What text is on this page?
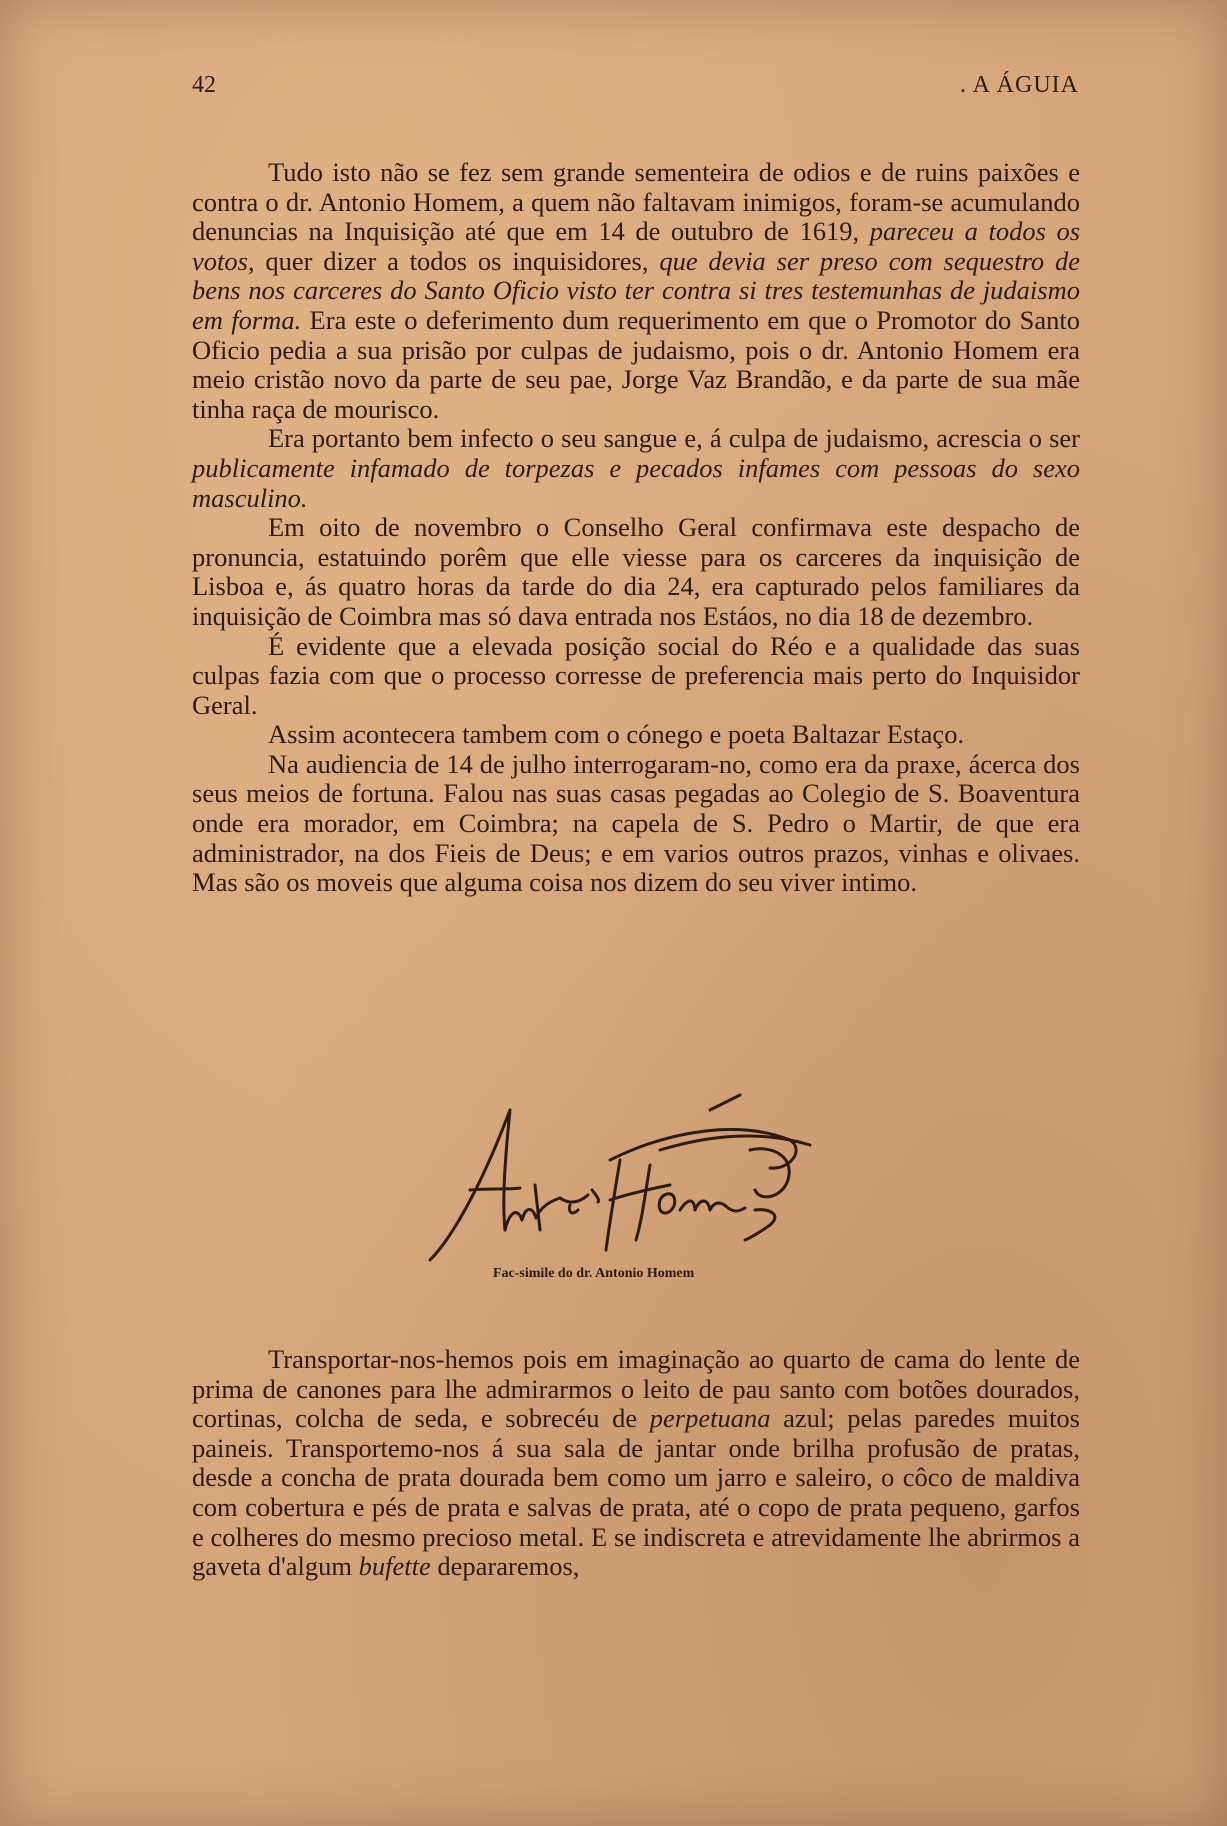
42	. A ÁGUIA

Tudo isto não se fez sem grande sementeira de odios e de ruins paixões e contra o dr. Antonio Homem, a quem não faltavam inimigos, foram-se acumulando denuncias na Inquisição até que em 14 de outubro de 1619, pareceu a todos os votos, quer dizer a todos os inquisidores, que devia ser preso com sequestro de bens nos carceres do Santo Oficio visto ter contra si tres testemunhas de judaismo em forma. Era este o deferimento dum requerimento em que o Promotor do Santo Oficio pedia a sua prisão por culpas de judaismo, pois o dr. Antonio Homem era meio cristão novo da parte de seu pae, Jorge Vaz Brandão, e da parte de sua mãe tinha raça de mourisco.

Era portanto bem infecto o seu sangue e, á culpa de judaismo, acrescia o ser publicamente infamado de torpezas e pecados infames com pessoas do sexo masculino.

Em oito de novembro o Conselho Geral confirmava este despacho de pronuncia, estatuindo porêm que elle viesse para os carceres da inquisição de Lisboa e, ás quatro horas da tarde do dia 24, era capturado pelos familiares da inquisição de Coimbra mas só dava entrada nos Estáos, no dia 18 de dezembro.

É evidente que a elevada posição social do Réo e a qualidade das suas culpas fazia com que o processo corresse de preferencia mais perto do Inquisidor Geral.

Assim acontecera tambem com o cónego e poeta Baltazar Estaço.

Na audiencia de 14 de julho interrogaram-no, como era da praxe, ácerca dos seus meios de fortuna. Falou nas suas casas pegadas ao Colegio de S. Boaventura onde era morador, em Coimbra; na capela de S. Pedro o Martir, de que era administrador, na dos Fieis de Deus; e em varios outros prazos, vinhas e olivaes. Mas são os moveis que alguma coisa nos dizem do seu viver intimo.

Fac-simile do dr. Antonio Homem

Transportar-nos-hemos pois em imaginação ao quarto de cama do lente de prima de canones para lhe admirarmos o leito de pau santo com botões dourados, cortinas, colcha de seda, e sobrecéu de perpetuana azul; pelas paredes muitos paineis. Transportemo-nos á sua sala de jantar onde brilha profusão de pratas, desde a concha de prata dourada bem como um jarro e saleiro, o côco de maldiva com cobertura e pés de prata e salvas de prata, até o copo de prata pequeno, garfos e colheres do mesmo precioso metal. E se indiscreta e atrevidamente lhe abrirmos a gaveta d'algum bufette depararemos,
